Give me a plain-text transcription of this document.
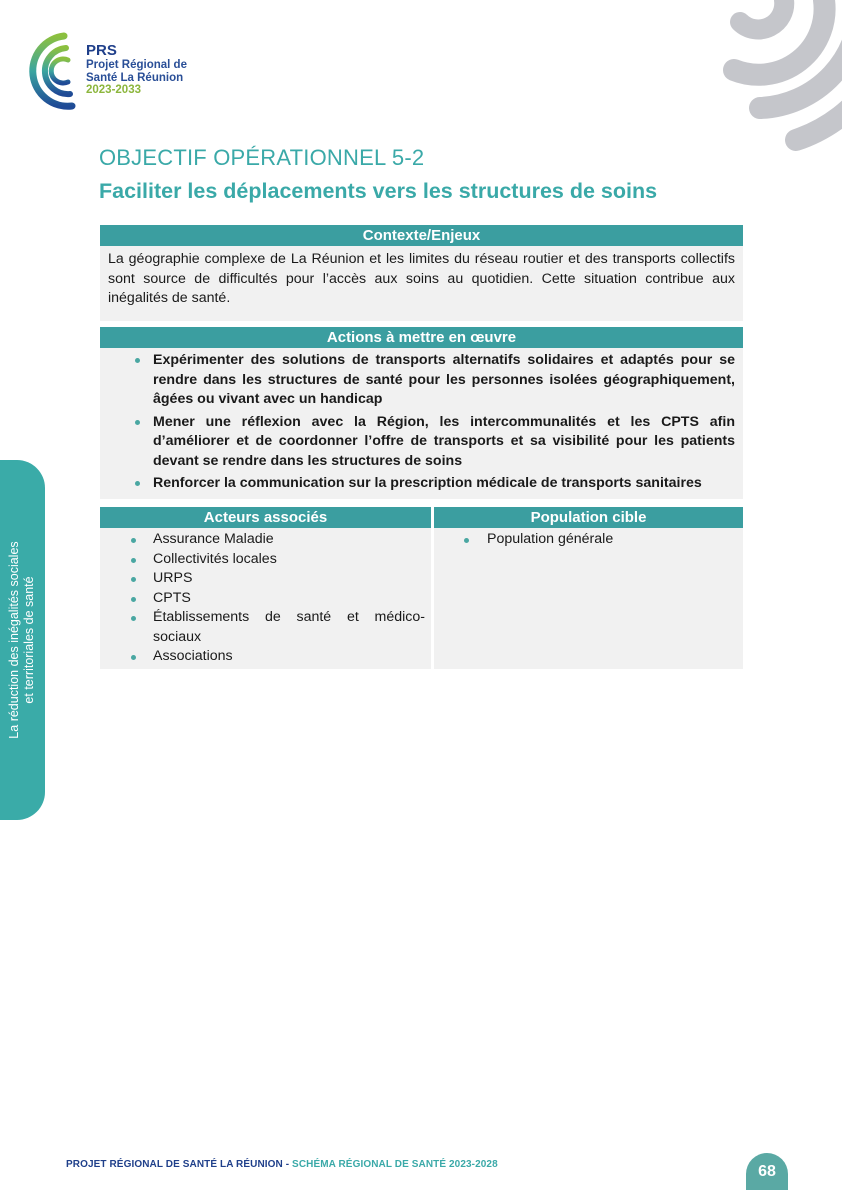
PRS
Projet Régional de
Santé La Réunion
2023-2033
OBJECTIF OPÉRATIONNEL 5-2
Faciliter les déplacements vers les structures de soins
Contexte/Enjeux
La géographie complexe de La Réunion et les limites du réseau routier et des transports collectifs sont source de difficultés pour l’accès aux soins au quotidien. Cette situation contribue aux inégalités de santé.
Actions à mettre en œuvre
Expérimenter des solutions de transports alternatifs solidaires et adaptés pour se rendre dans les structures de santé pour les personnes isolées géographiquement, âgées ou vivant avec un handicap
Mener une réflexion avec la Région, les intercommunalités et les CPTS afin d’améliorer et de coordonner l’offre de transports et sa visibilité pour les patients devant se rendre dans les structures de soins
Renforcer la communication sur la prescription médicale de transports sanitaires
Acteurs associés
Assurance Maladie
Collectivités locales
URPS
CPTS
Établissements de santé et médico-sociaux
Associations
Population cible
Population générale
La réduction des inégalités sociales et territoriales de santé
PROJET RÉGIONAL DE SANTÉ LA RÉUNION - SCHÉMA RÉGIONAL DE SANTÉ 2023-2028	68
